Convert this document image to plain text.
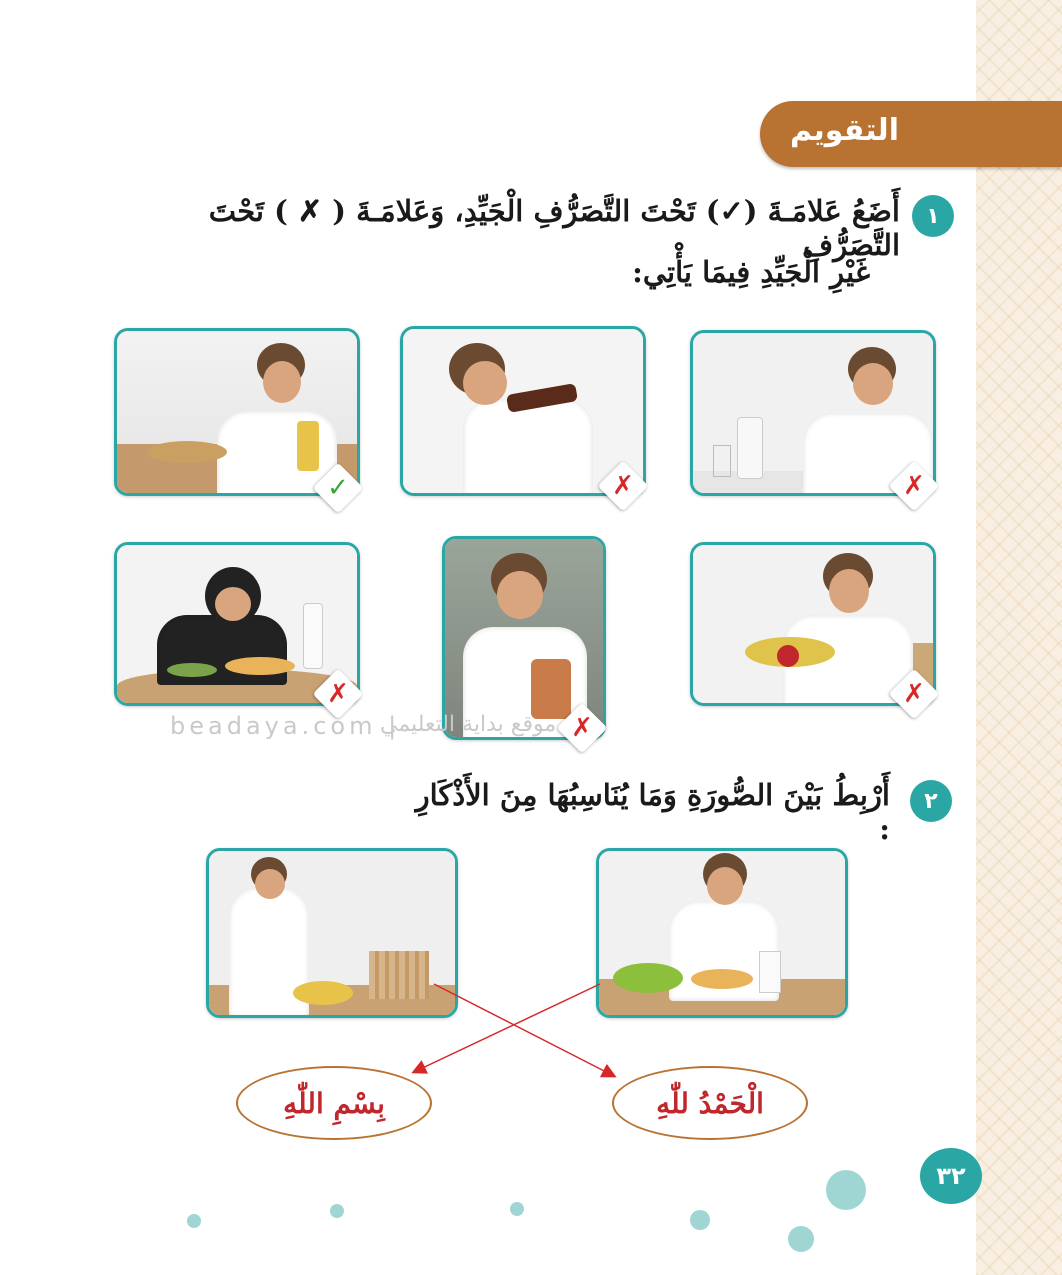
التقويم
١
أَضَعُ عَلامَـةَ (✓) تَحْتَ التَّصَرُّفِ الْجَيِّدِ، وَعَلامَـةَ ( ✗ ) تَحْتَ التَّصَرُّفِ
غَيْرِ الْجَيِّدِ فِيمَا يَأْتِي:
✓	✗	✗
✗
✗
✗
beadaya.com |
موقع بداية التعليمي
٢
أَرْبِطُ بَيْنَ الصُّورَةِ وَمَا يُنَاسِبُهَا مِنَ الأَذْكَارِ :
بِسْمِ اللّٰهِ	الْحَمْدُ للّٰهِ
٣٢
